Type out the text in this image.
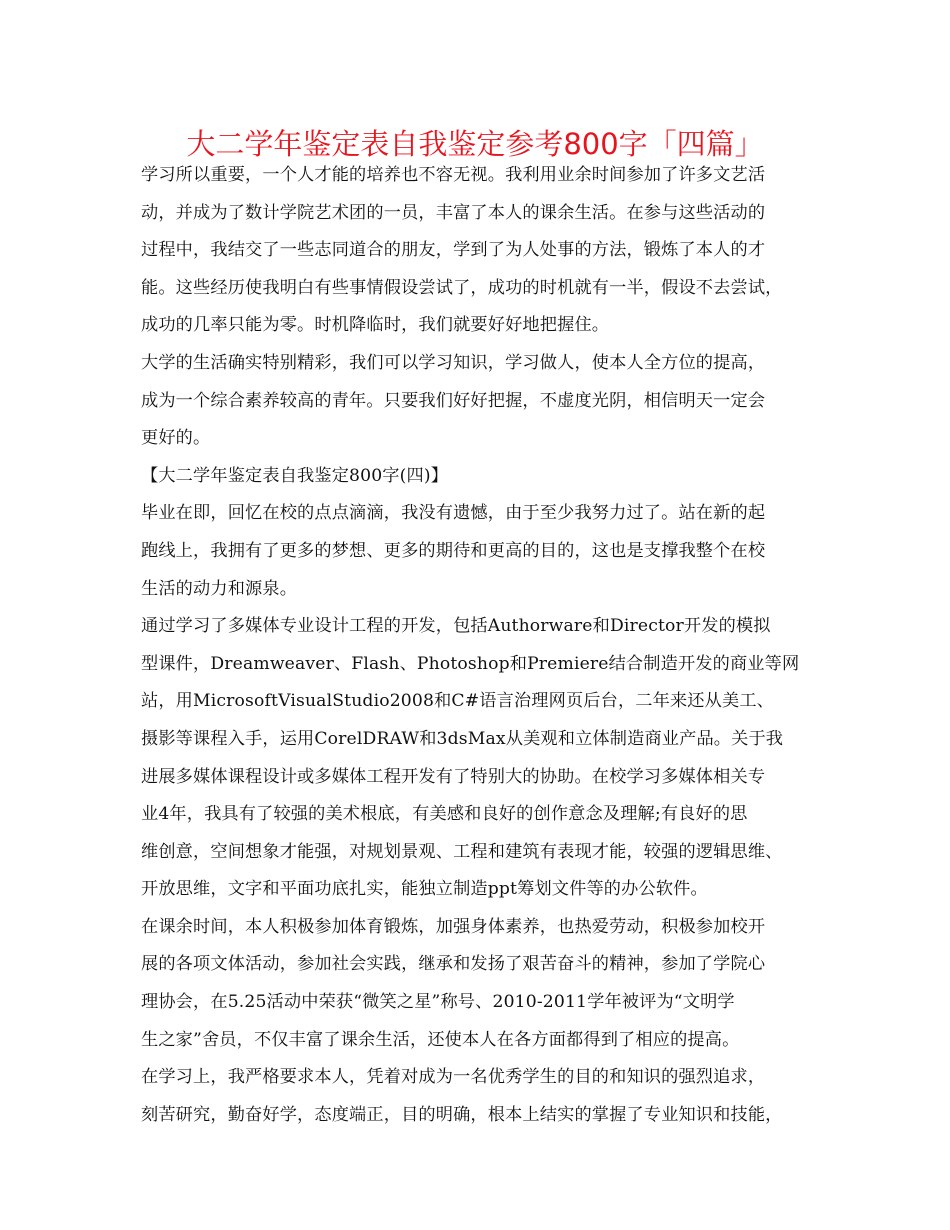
大二学年鉴定表自我鉴定参考800字「四篇」
学习所以重要，一个人才能的培养也不容无视。我利用业余时间参加了许多文艺活
动，并成为了数计学院艺术团的一员，丰富了本人的课余生活。在参与这些活动的
过程中，我结交了一些志同道合的朋友，学到了为人处事的方法，锻炼了本人的才
能。这些经历使我明白有些事情假设尝试了，成功的时机就有一半，假设不去尝试，
成功的几率只能为零。时机降临时，我们就要好好地把握住。
大学的生活确实特别精彩，我们可以学习知识，学习做人，使本人全方位的提高，
成为一个综合素养较高的青年。只要我们好好把握，不虚度光阴，相信明天一定会
更好的。
【大二学年鉴定表自我鉴定800字(四)】
毕业在即，回忆在校的点点滴滴，我没有遗憾，由于至少我努力过了。站在新的起
跑线上，我拥有了更多的梦想、更多的期待和更高的目的，这也是支撑我整个在校
生活的动力和源泉。
通过学习了多媒体专业设计工程的开发，包括Authorware和Director开发的模拟
型课件，Dreamweaver、Flash、Photoshop和Premiere结合制造开发的商业等网
站，用MicrosoftVisualStudio2008和C#语言治理网页后台，二年来还从美工、
摄影等课程入手，运用CorelDRAW和3dsMax从美观和立体制造商业产品。关于我
进展多媒体课程设计或多媒体工程开发有了特别大的协助。在校学习多媒体相关专
业4年，我具有了较强的美术根底，有美感和良好的创作意念及理解;有良好的思
维创意，空间想象才能强，对规划景观、工程和建筑有表现才能，较强的逻辑思维、
开放思维，文字和平面功底扎实，能独立制造ppt筹划文件等的办公软件。
在课余时间，本人积极参加体育锻炼，加强身体素养，也热爱劳动，积极参加校开
展的各项文体活动，参加社会实践，继承和发扬了艰苦奋斗的精神，参加了学院心
理协会，在5.25活动中荣获“微笑之星”称号、2010-2011学年被评为“文明学
生之家”舍员，不仅丰富了课余生活，还使本人在各方面都得到了相应的提高。
在学习上，我严格要求本人，凭着对成为一名优秀学生的目的和知识的强烈追求，
刻苦研究，勤奋好学，态度端正，目的明确，根本上结实的掌握了专业知识和技能，
